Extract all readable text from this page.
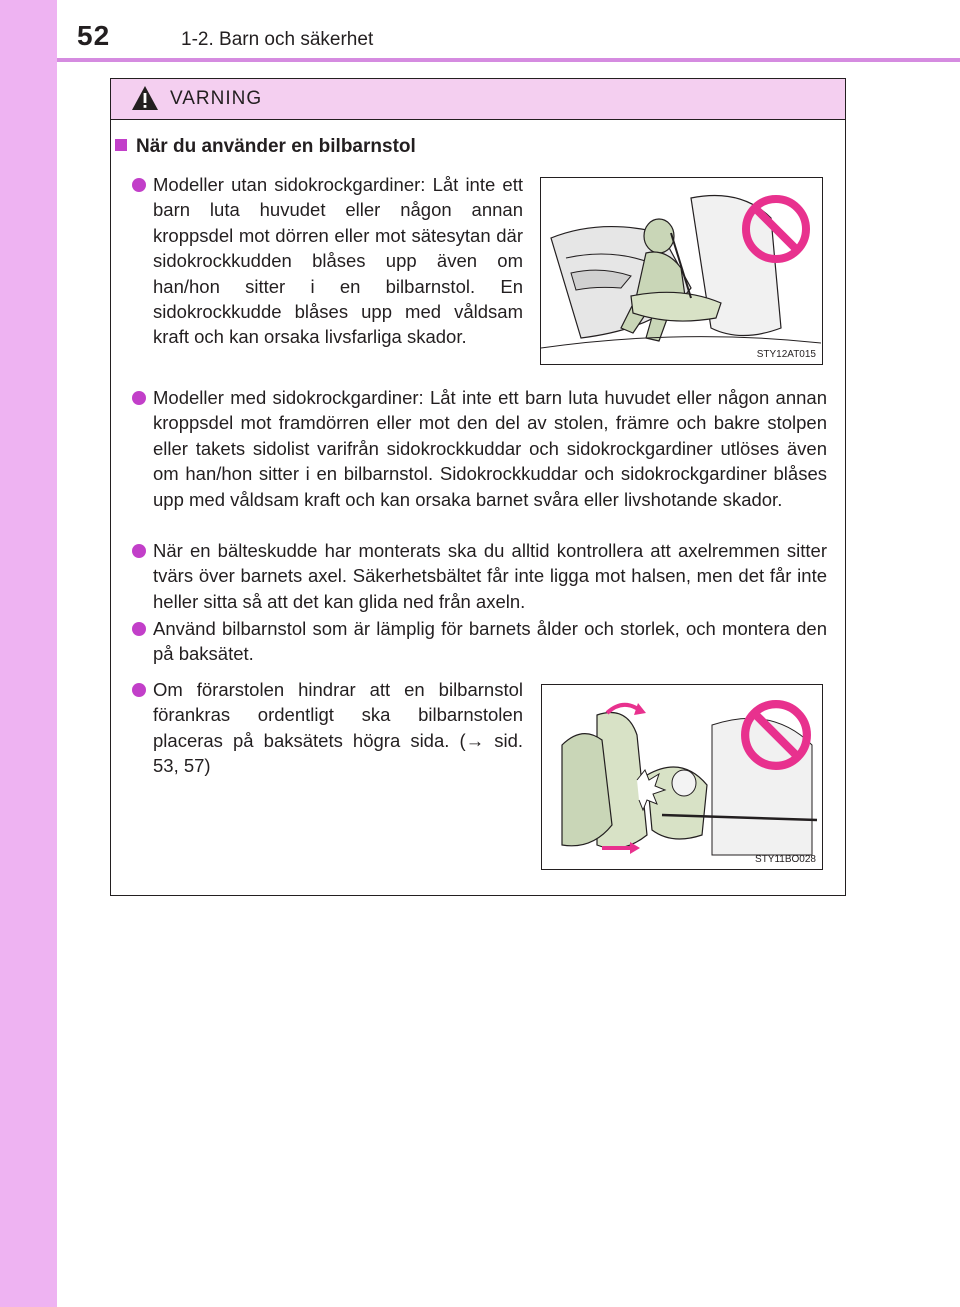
52	1-2. Barn och säkerhet
VARNING
När du använder en bilbarnstol
Modeller utan sidokrockgardiner: Låt inte ett barn luta huvudet eller någon annan kroppsdel mot dörren eller mot sätesytan där sidokrockkudden blåses upp även om han/hon sitter i en bilbarnstol. En sidokrockkudde blåses upp med våldsam kraft och kan orsaka livsfarliga skador.
STY12AT015
Modeller med sidokrockgardiner: Låt inte ett barn luta huvudet eller någon annan kroppsdel mot framdörren eller mot den del av stolen, främre och bakre stolpen eller takets sidolist varifrån sidokrockkuddar och sidokrockgardiner utlöses även om han/hon sitter i en bilbarnstol. Sidokrockkuddar och sidokrockgardiner blåses upp med våldsam kraft och kan orsaka barnet svåra eller livshotande skador.
När en bälteskudde har monterats ska du alltid kontrollera att axelremmen sitter tvärs över barnets axel. Säkerhetsbältet får inte ligga mot halsen, men det får inte heller sitta så att det kan glida ned från axeln.
Använd bilbarnstol som är lämplig för barnets ålder och storlek, och montera den på baksätet.
Om förarstolen hindrar att en bilbarnstol förankras ordentligt ska bilbarnstolen placeras på baksätets högra sida. (→ sid. 53, 57)
STY11BO028
